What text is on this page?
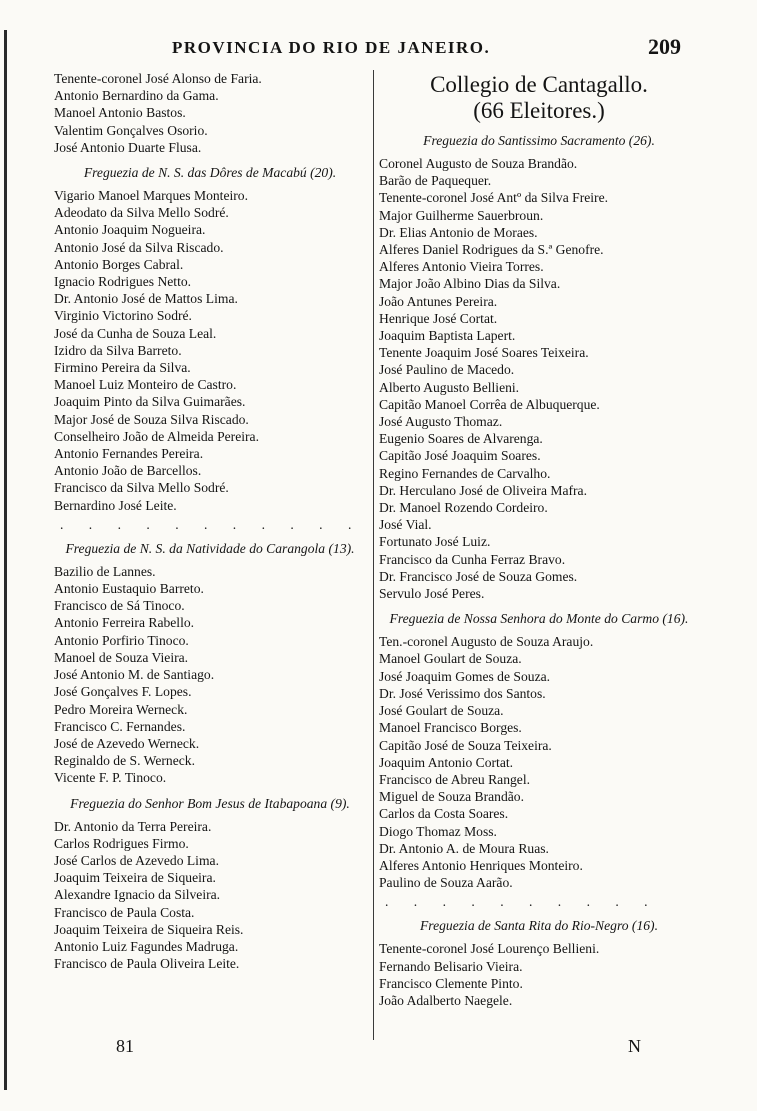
PROVINCIA DO RIO DE JANEIRO.	209
Tenente-coronel José Alonso de Faria.
Antonio Bernardino da Gama.
Manoel Antonio Bastos.
Valentim Gonçalves Osorio.
José Antonio Duarte Flusa.
Freguezia de N. S. das Dôres de Macabú (20).
Vigario Manoel Marques Monteiro.
Adeodato da Silva Mello Sodré.
Antonio Joaquim Nogueira.
Antonio José da Silva Riscado.
Antonio Borges Cabral.
Ignacio Rodrigues Netto.
Dr. Antonio José de Mattos Lima.
Virginio Victorino Sodré.
José da Cunha de Souza Leal.
Izidro da Silva Barreto.
Firmino Pereira da Silva.
Manoel Luiz Monteiro de Castro.
Joaquim Pinto da Silva Guimarães.
Major José de Souza Silva Riscado.
Conselheiro João de Almeida Pereira.
Antonio Fernandes Pereira.
Antonio João de Barcellos.
Francisco da Silva Mello Sodré.
Bernardino José Leite.
. . . . . . . . . . .
Freguezia de N. S. da Natividade do Carangola (13).
Bazilio de Lannes.
Antonio Eustaquio Barreto.
Francisco de Sá Tinoco.
Antonio Ferreira Rabello.
Antonio Porfirio Tinoco.
Manoel de Souza Vieira.
José Antonio M. de Santiago.
José Gonçalves F. Lopes.
Pedro Moreira Werneck.
Francisco C. Fernandes.
José de Azevedo Werneck.
Reginaldo de S. Werneck.
Vicente F. P. Tinoco.
Freguezia do Senhor Bom Jesus de Itabapoana (9).
Dr. Antonio da Terra Pereira.
Carlos Rodrigues Firmo.
José Carlos de Azevedo Lima.
Joaquim Teixeira de Siqueira.
Alexandre Ignacio da Silveira.
Francisco de Paula Costa.
Joaquim Teixeira de Siqueira Reis.
Antonio Luiz Fagundes Madruga.
Francisco de Paula Oliveira Leite.
Collegio de Cantagallo.
(66 Eleitores.)
Freguezia do Santissimo Sacramento (26).
Coronel Augusto de Souza Brandão.
Barão de Paquequer.
Tenente-coronel José Antº da Silva Freire.
Major Guilherme Sauerbroun.
Dr. Elias Antonio de Moraes.
Alferes Daniel Rodrigues da S.ª Genofre.
Alferes Antonio Vieira Torres.
Major João Albino Dias da Silva.
João Antunes Pereira.
Henrique José Cortat.
Joaquim Baptista Lapert.
Tenente Joaquim José Soares Teixeira.
José Paulino de Macedo.
Alberto Augusto Bellieni.
Capitão Manoel Corrêa de Albuquerque.
José Augusto Thomaz.
Eugenio Soares de Alvarenga.
Capitão José Joaquim Soares.
Regino Fernandes de Carvalho.
Dr. Herculano José de Oliveira Mafra.
Dr. Manoel Rozendo Cordeiro.
José Vial.
Fortunato José Luiz.
Francisco da Cunha Ferraz Bravo.
Dr. Francisco José de Souza Gomes.
Servulo José Peres.
Freguezia de Nossa Senhora do Monte do Carmo (16).
Ten.-coronel Augusto de Souza Araujo.
Manoel Goulart de Souza.
José Joaquim Gomes de Souza.
Dr. José Verissimo dos Santos.
José Goulart de Souza.
Manoel Francisco Borges.
Capitão José de Souza Teixeira.
Joaquim Antonio Cortat.
Francisco de Abreu Rangel.
Miguel de Souza Brandão.
Carlos da Costa Soares.
Diogo Thomaz Moss.
Dr. Antonio A. de Moura Ruas.
Alferes Antonio Henriques Monteiro.
Paulino de Souza Aarão.
. . . . . . . . . .
Freguezia de Santa Rita do Rio-Negro (16).
Tenente-coronel José Lourenço Bellieni.
Fernando Belisario Vieira.
Francisco Clemente Pinto.
João Adalberto Naegele.
81	N
